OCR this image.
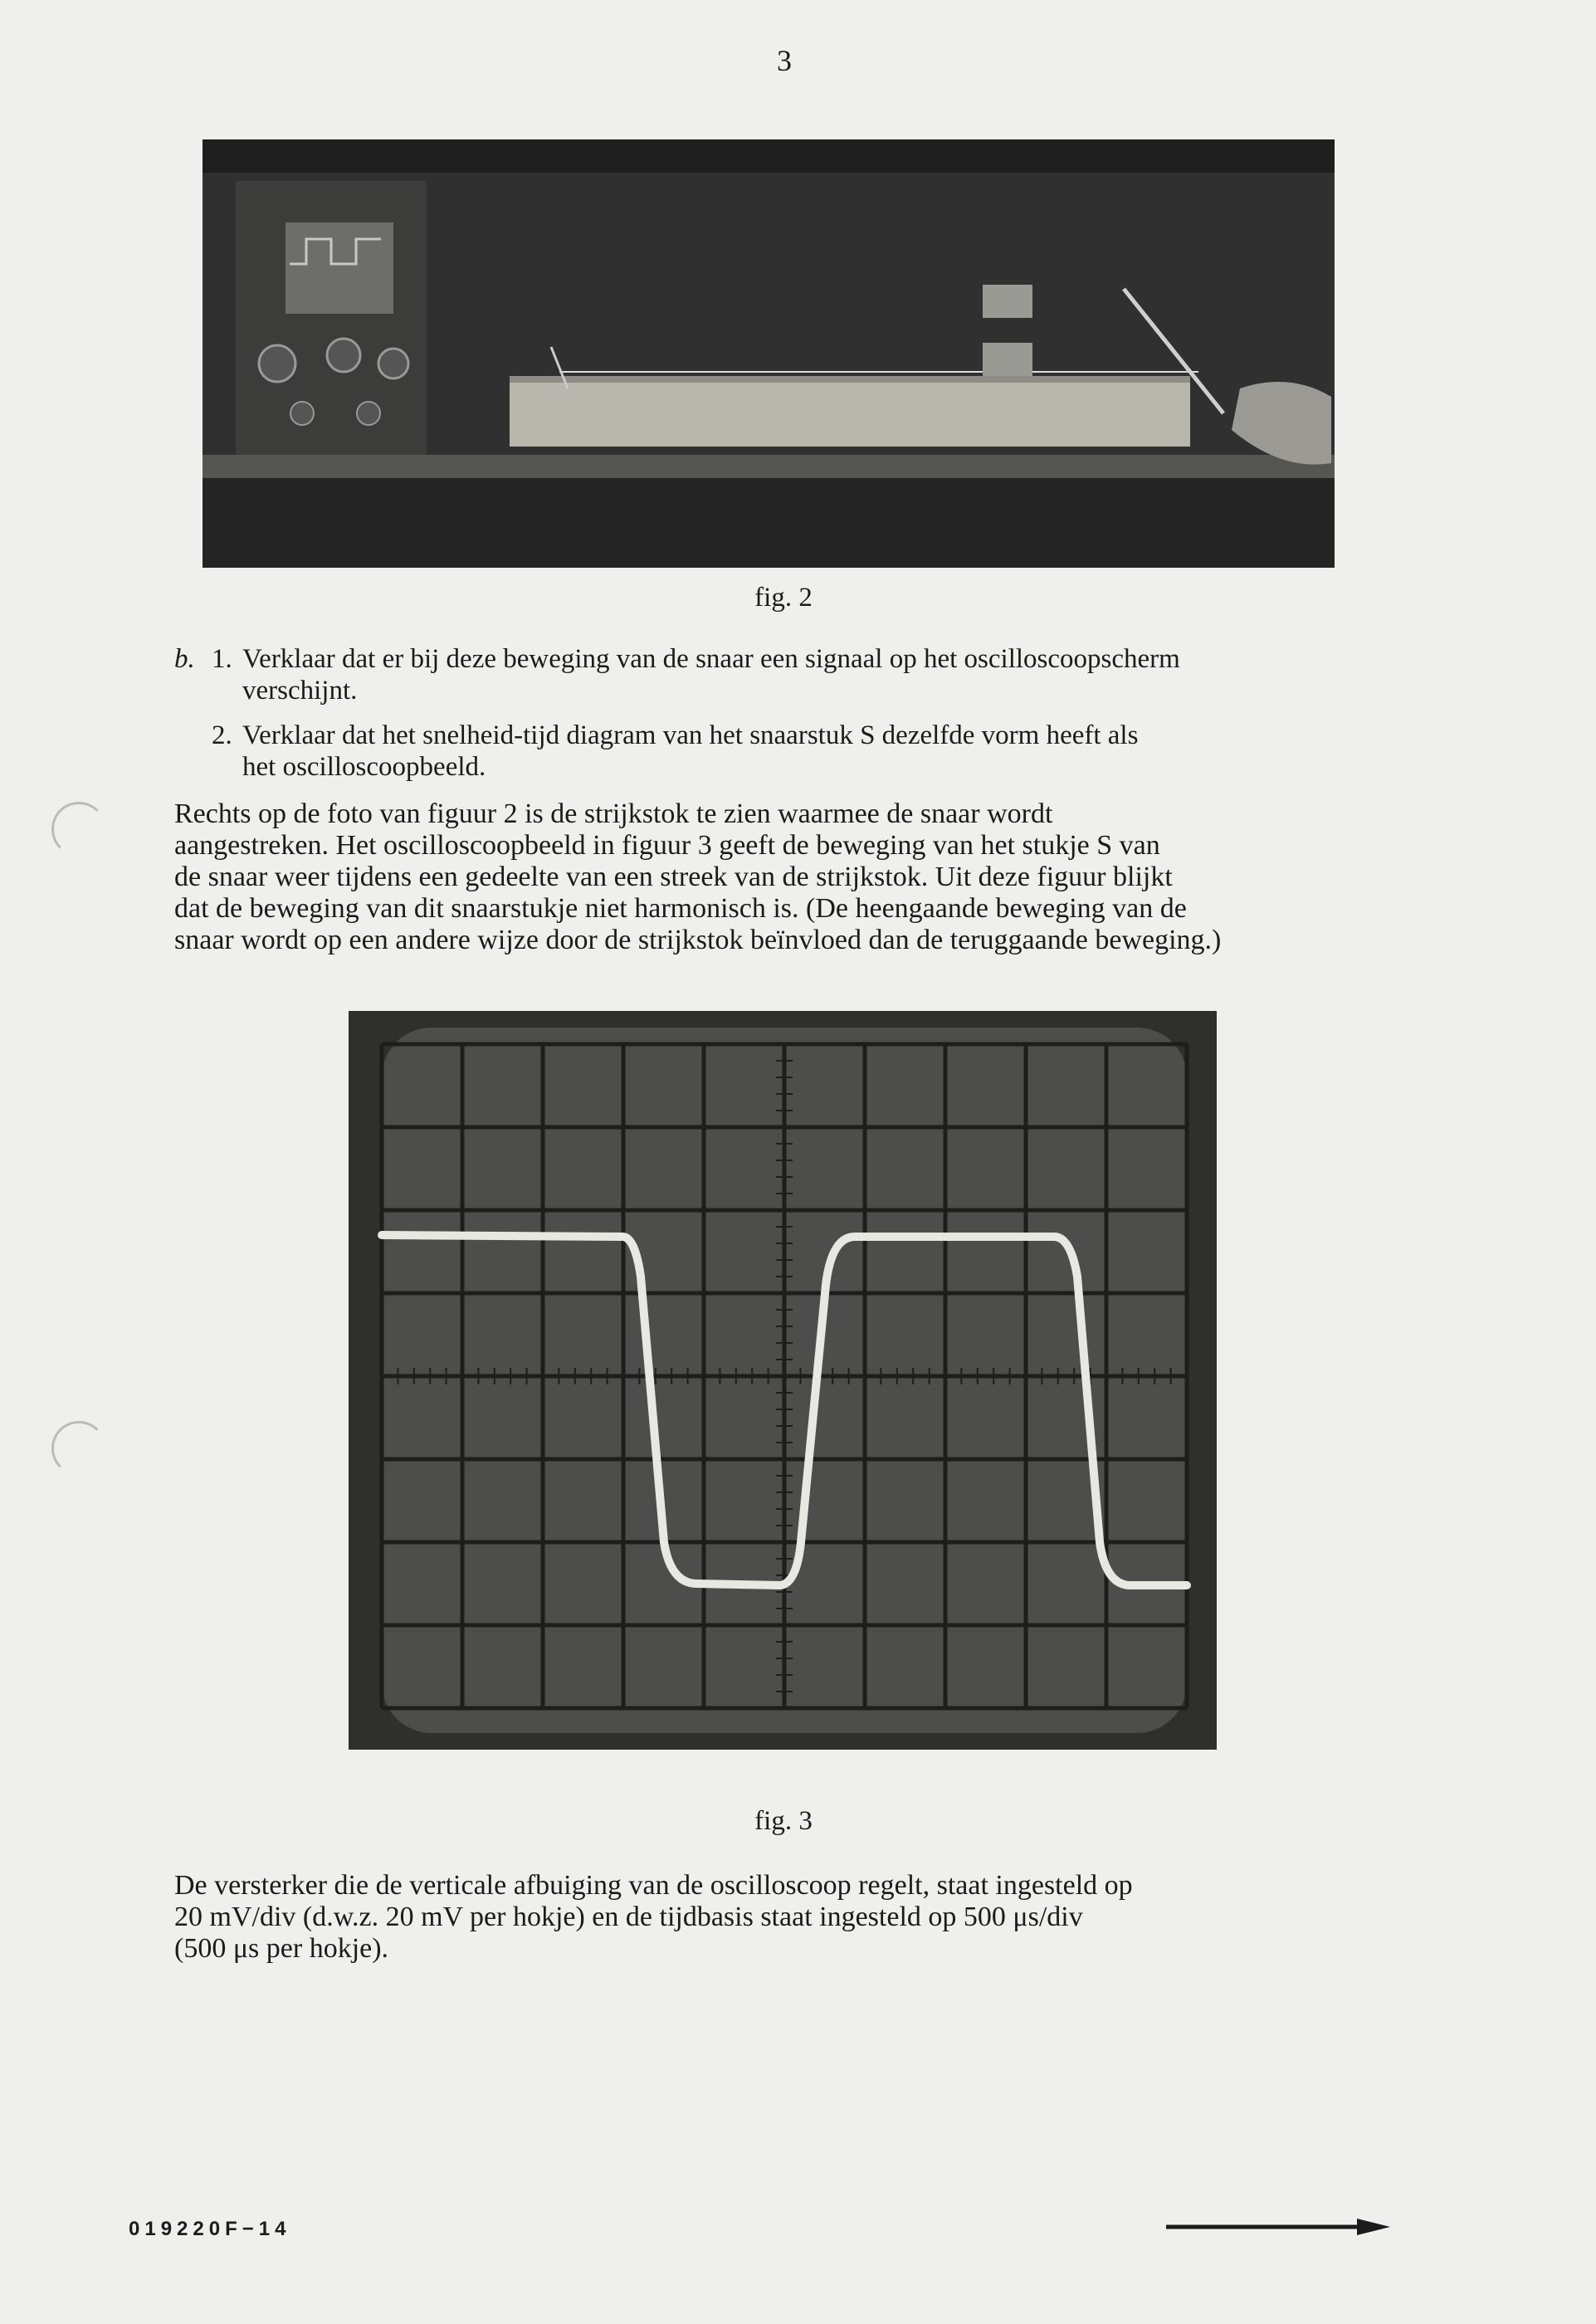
3
fig. 2
b. 1. Verklaar dat er bij deze beweging van de snaar een signaal op het oscilloscoopscherm
verschijnt.
2. Verklaar dat het snelheid-tijd diagram van het snaarstuk S dezelfde vorm heeft als
het oscilloscoopbeeld.
Rechts op de foto van figuur 2 is de strijkstok te zien waarmee de snaar wordt
aangestreken. Het oscilloscoopbeeld in figuur 3 geeft de beweging van het stukje S van
de snaar weer tijdens een gedeelte van een streek van de strijkstok. Uit deze figuur blijkt
dat de beweging van dit snaarstukje niet harmonisch is. (De heengaande beweging van de
snaar wordt op een andere wijze door de strijkstok beïnvloed dan de teruggaande beweging.)
fig. 3
De versterker die de verticale afbuiging van de oscilloscoop regelt, staat ingesteld op
20 mV/div (d.w.z. 20 mV per hokje) en de tijdbasis staat ingesteld op 500 μs/div
(500 μs per hokje).
019220F−14
